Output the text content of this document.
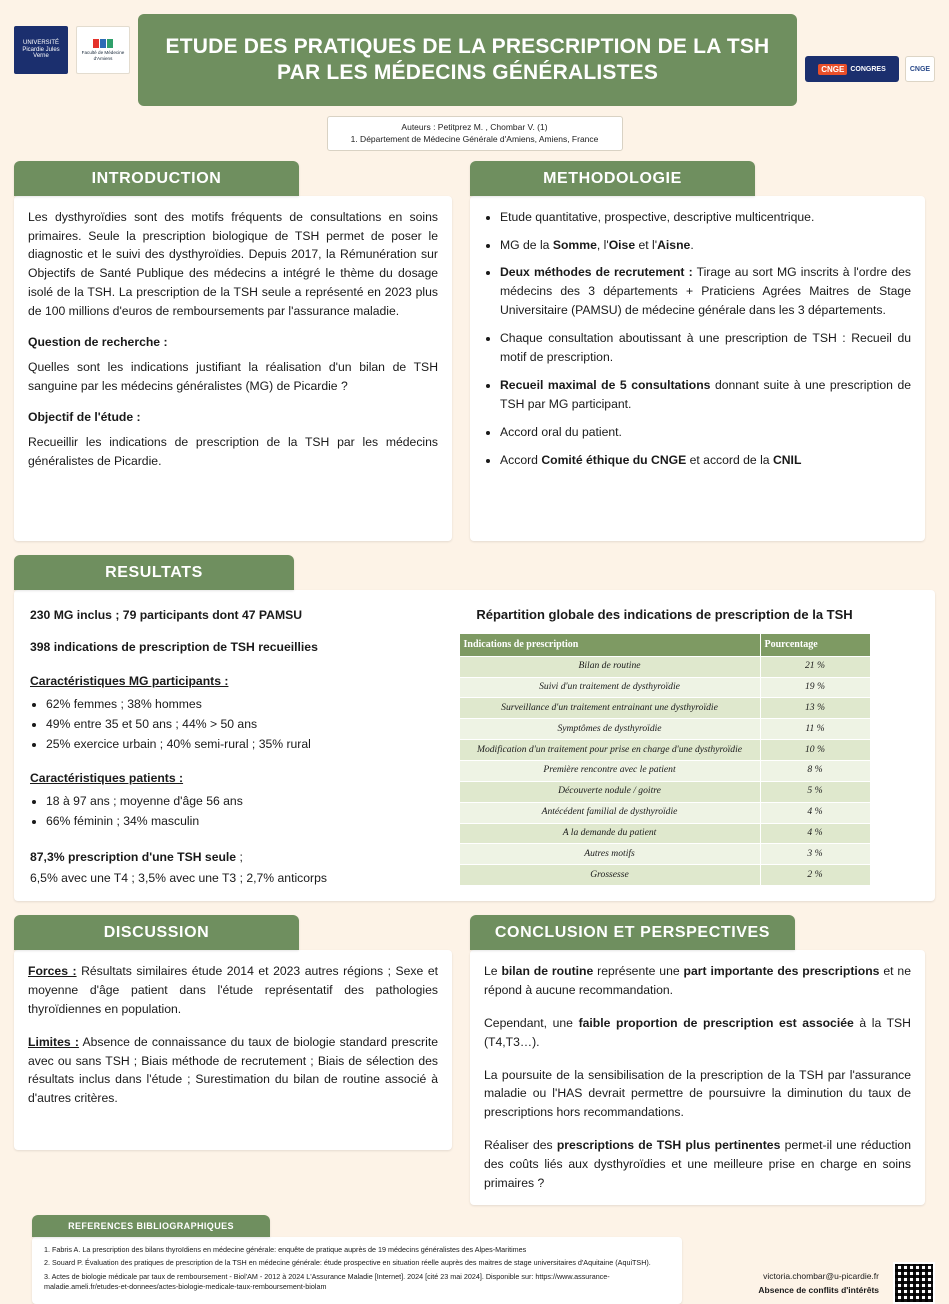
UNIVERSITÉ Picardie Jules Verne
Faculté de Médecine d'Amiens
ETUDE DES PRATIQUES DE LA PRESCRIPTION DE LA TSH PAR LES MÉDECINS GÉNÉRALISTES	CNGE CONGRES	CNGE
Auteurs : Petitprez M. , Chombar V. (1)
1. Département de Médecine Générale d'Amiens, Amiens, France
INTRODUCTION

Les dysthyroïdies sont des motifs fréquents de consultations en soins primaires. Seule la prescription biologique de TSH permet de poser le diagnostic et le suivi des dysthyroïdies. Depuis 2017, la Rémunération sur Objectifs de Santé Publique des médecins a intégré le thème du dosage isolé de la TSH. La prescription de la TSH seule a représenté en 2023 plus de 100 millions d'euros de remboursements par l'assurance maladie.

Question de recherche :

Quelles sont les indications justifiant la réalisation d'un bilan de TSH sanguine par les médecins généralistes (MG) de Picardie ?

Objectif de l'étude :

Recueillir les indications de prescription de la TSH par les médecins généralistes de Picardie.

METHODOLOGIE
• Etude quantitative, prospective, descriptive multicentrique.
• MG de la Somme, l'Oise et l'Aisne.
• Deux méthodes de recrutement : Tirage au sort MG inscrits à l'ordre des médecins des 3 départements + Praticiens Agrées Maitres de Stage Universitaire (PAMSU) de médecine générale dans les 3 départements.
• Chaque consultation aboutissant à une prescription de TSH : Recueil du motif de prescription.
• Recueil maximal de 5 consultations donnant suite à une prescription de TSH par MG participant.
• Accord oral du patient.
• Accord Comité éthique du CNGE et accord de la CNIL
RESULTATS

230 MG inclus ; 79 participants dont 47 PAMSU

398 indications de prescription de TSH recueillies

Caractéristiques MG participants :

• 62% femmes ; 38% hommes
• 49% entre 35 et 50 ans ; 44% > 50 ans
• 25% exercice urbain ; 40% semi-rural ; 35% rural

Caractéristiques patients :

• 18 à 97 ans ; moyenne d'âge 56 ans
• 66% féminin ; 34% masculin

87,3% prescription d'une TSH seule ;

6,5% avec une T4 ; 3,5% avec une T3 ; 2,7% anticorps

Répartition globale des indications de prescription de la TSH
Indications de prescription	Pourcentage
Bilan de routine	21 %
Suivi d'un traitement de dysthyroïdie	19 %
Surveillance d'un traitement entrainant une dysthyroïdie	13 %
Symptômes de dysthyroïdie	11 %
Modification d'un traitement pour prise en charge d'une dysthyroïdie	10 %
Première rencontre avec le patient	8 %
Découverte nodule / goitre	5 %
Antécédent familial de dysthyroïdie	4 %
A la demande du patient	4 %
Autres motifs	3 %
Grossesse	2 %
DISCUSSION

Forces : Résultats similaires étude 2014 et 2023 autres régions ; Sexe et moyenne d'âge patient dans l'étude représentatif des pathologies thyroïdiennes en population.

Limites : Absence de connaissance du taux de biologie standard prescrite avec ou sans TSH ; Biais méthode de recrutement ; Biais de sélection des résultats inclus dans l'étude ; Surestimation du bilan de routine associé à d'autres critères.

CONCLUSION ET PERSPECTIVES

Le bilan de routine représente une part importante des prescriptions et ne répond à aucune recommandation.

Cependant, une faible proportion de prescription est associée à la TSH (T4,T3…).

La poursuite de la sensibilisation de la prescription de la TSH par l'assurance maladie ou l'HAS devrait permettre de poursuivre la diminution du taux de prescriptions hors recommandations.

Réaliser des prescriptions de TSH plus pertinentes permet-il une réduction des coûts liés aux dysthyroïdies et une meilleure prise en charge en soins primaires ?

REFERENCES BIBLIOGRAPHIQUES
1. Fabris A. La prescription des bilans thyroïdiens en médecine générale: enquête de pratique auprès de 19 médecins généralistes des Alpes-Maritimes
2. Souard P. Évaluation des pratiques de prescription de la TSH en médecine générale: étude prospective en situation réelle auprès des maitres de stage universitaires d'Aquitaine (AquiTSH).
3. Actes de biologie médicale par taux de remboursement - Biol'AM - 2012 à 2024 L'Assurance Maladie [Internet]. 2024 [cité 23 mai 2024]. Disponible sur: https://www.assurance-maladie.ameli.fr/etudes-et-donnees/actes-biologie-medicale-taux-remboursement-biolam
victoria.chombar@u-picardie.fr
Absence de conflits d'intérêts
